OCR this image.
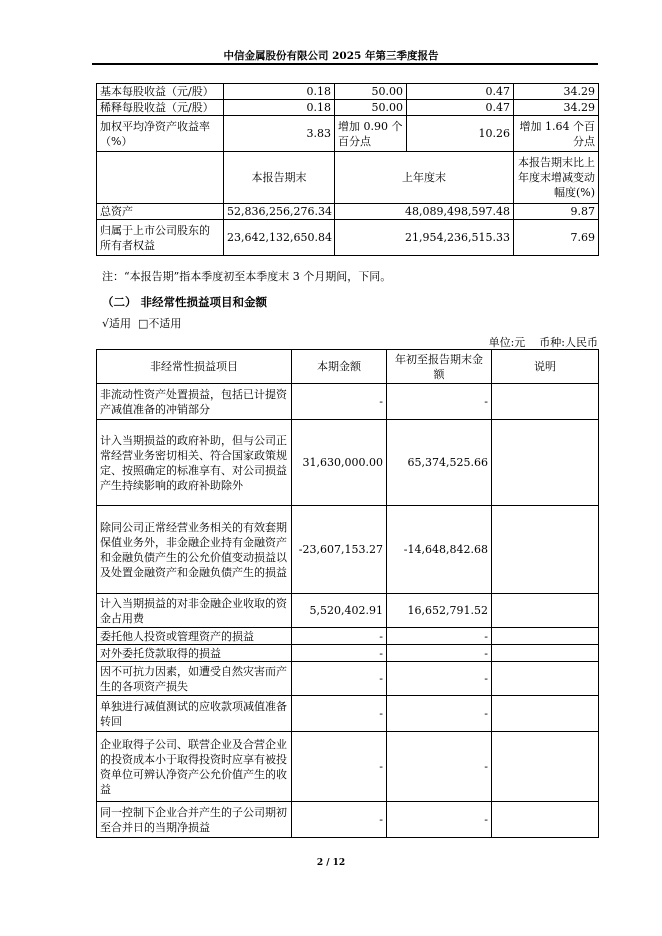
中信金属股份有限公司 2025 年第三季度报告
基本每股收益（元/股）	0.18	50.00	0.47	34.29
稀释每股收益（元/股）	0.18	50.00	0.47	34.29
加权平均净资产收益率（%）	3.83	增加 0.90 个百分点	10.26	增加 1.64 个百分点
	本报告期末	上年度末		本报告期末比上年度末增减变动幅度(%)
总资产	52,836,256,276.34	48,089,498,597.48		9.87
归属于上市公司股东的所有者权益	23,642,132,650.84	21,954,236,515.33		7.69
注：“本报告期”指本季度初至本季度末 3 个月期间，下同。
（二） 非经常性损益项目和金额
√适用 □不适用
单位:元    币种:人民币
非经常性损益项目	本期金额	年初至报告期末金额	说明
非流动性资产处置损益，包括已计提资产减值准备的冲销部分	-	-	
计入当期损益的政府补助，但与公司正常经营业务密切相关、符合国家政策规定、按照确定的标准享有、对公司损益产生持续影响的政府补助除外	31,630,000.00	65,374,525.66	
除同公司正常经营业务相关的有效套期保值业务外，非金融企业持有金融资产和金融负债产生的公允价值变动损益以及处置金融资产和金融负债产生的损益	-23,607,153.27	-14,648,842.68	
计入当期损益的对非金融企业收取的资金占用费	5,520,402.91	16,652,791.52	
委托他人投资或管理资产的损益	-	-	
对外委托贷款取得的损益	-	-	
因不可抗力因素，如遭受自然灾害而产生的各项资产损失	-	-	
单独进行减值测试的应收款项减值准备转回	-	-	
企业取得子公司、联营企业及合营企业的投资成本小于取得投资时应享有被投资单位可辨认净资产公允价值产生的收益	-	-	
同一控制下企业合并产生的子公司期初至合并日的当期净损益	-	-	
2 / 12
